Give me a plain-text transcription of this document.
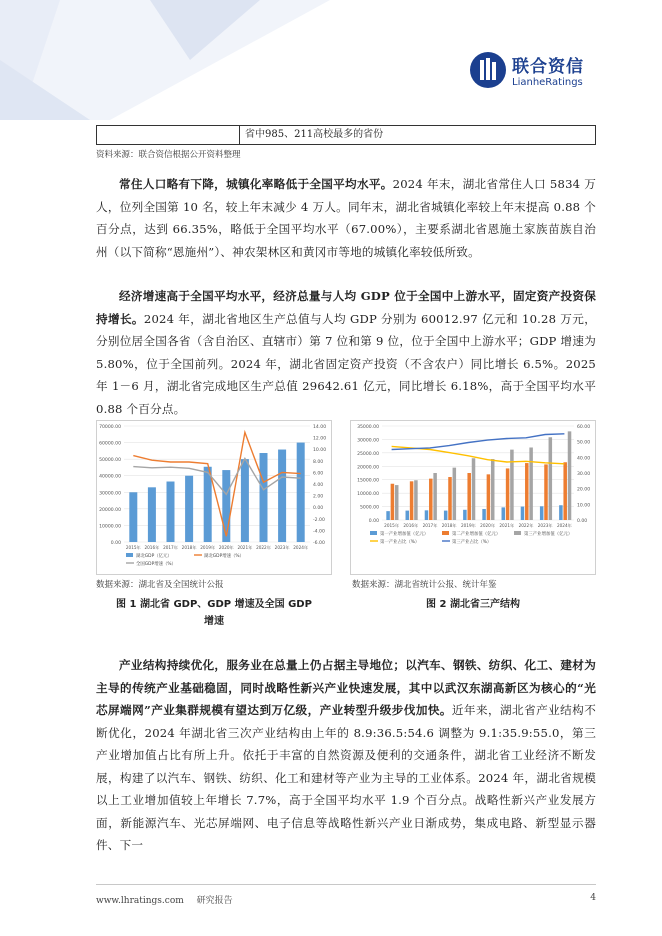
联合资信
LianheRatings
省中985、211高校最多的省份
资料来源：联合资信根据公开资料整理

常住人口略有下降，城镇化率略低于全国平均水平。2024 年末，湖北省常住人口 5834 万人，位列全国第 10 名，较上年末减少 4 万人。同年末，湖北省城镇化率较上年末提高 0.88 个百分点，达到 66.35%，略低于全国平均水平（67.00%），主要系湖北省恩施土家族苗族自治州（以下简称“恩施州”）、神农架林区和黄冈市等地的城镇化率较低所致。

经济增速高于全国平均水平，经济总量与人均 GDP 位于全国中上游水平，固定资产投资保持增长。2024 年，湖北省地区生产总值与人均 GDP 分别为 60012.97 亿元和 10.28 万元，分别位居全国各省（含自治区、直辖市）第 7 位和第 9 位，位于全国中上游水平；GDP 增速为 5.80%，位于全国前列。2024 年，湖北省固定资产投资（不含农户）同比增长 6.5%。2025 年 1－6 月，湖北省完成地区生产总值 29642.61 亿元，同比增长 6.18%，高于全国平均水平 0.88 个百分点。

0.00
10000.00
20000.00
30000.00
40000.00
50000.00
60000.00
70000.00
-6.00
-4.00
-2.00
0.00
2.00
4.00
6.00
8.00
10.00
12.00
14.00
2015年 2016年 2017年 2018年 2019年 2020年 2021年 2022年 2023年 2024年
湖北GDP（亿元）	湖北GDP增速（%）
全国GDP增速（%）
数据来源：湖北省及全国统计公报
图 1 湖北省 GDP、GDP 增速及全国 GDP
增速
0.00
5000.00
10000.00
15000.00
20000.00
25000.00
30000.00
35000.00
0.00
10.00
20.00
30.00
40.00
50.00
60.00
2015年 2016年 2017年 2018年 2019年 2020年 2021年 2022年 2023年 2024年
第一产业增加值（亿元）	第二产业增加值（亿元）	第三产业增加值（亿元）
第一产业占比（%）	第三产业占比（%）
数据来源：湖北省统计公报、统计年鉴
图 2 湖北省三产结构

产业结构持续优化，服务业在总量上仍占据主导地位；以汽车、钢铁、纺织、化工、建材为主导的传统产业基础稳固，同时战略性新兴产业快速发展，其中以武汉东湖高新区为核心的“光芯屏端网”产业集群规模有望达到万亿级，产业转型升级步伐加快。近年来，湖北省产业结构不断优化，2024 年湖北省三次产业结构由上年的 8.9:36.5:54.6 调整为 9.1:35.9:55.0，第三产业增加值占比有所上升。依托于丰富的自然资源及便利的交通条件，湖北省工业经济不断发展，构建了以汽车、钢铁、纺织、化工和建材等产业为主导的工业体系。2024 年，湖北省规模以上工业增加值较上年增长 7.7%，高于全国平均水平 1.9 个百分点。战略性新兴产业发展方面，新能源汽车、光芯屏端网、电子信息等战略性新兴产业日渐成势，集成电路、新型显示器件、下一

www.lhratings.com 研究报告	4
